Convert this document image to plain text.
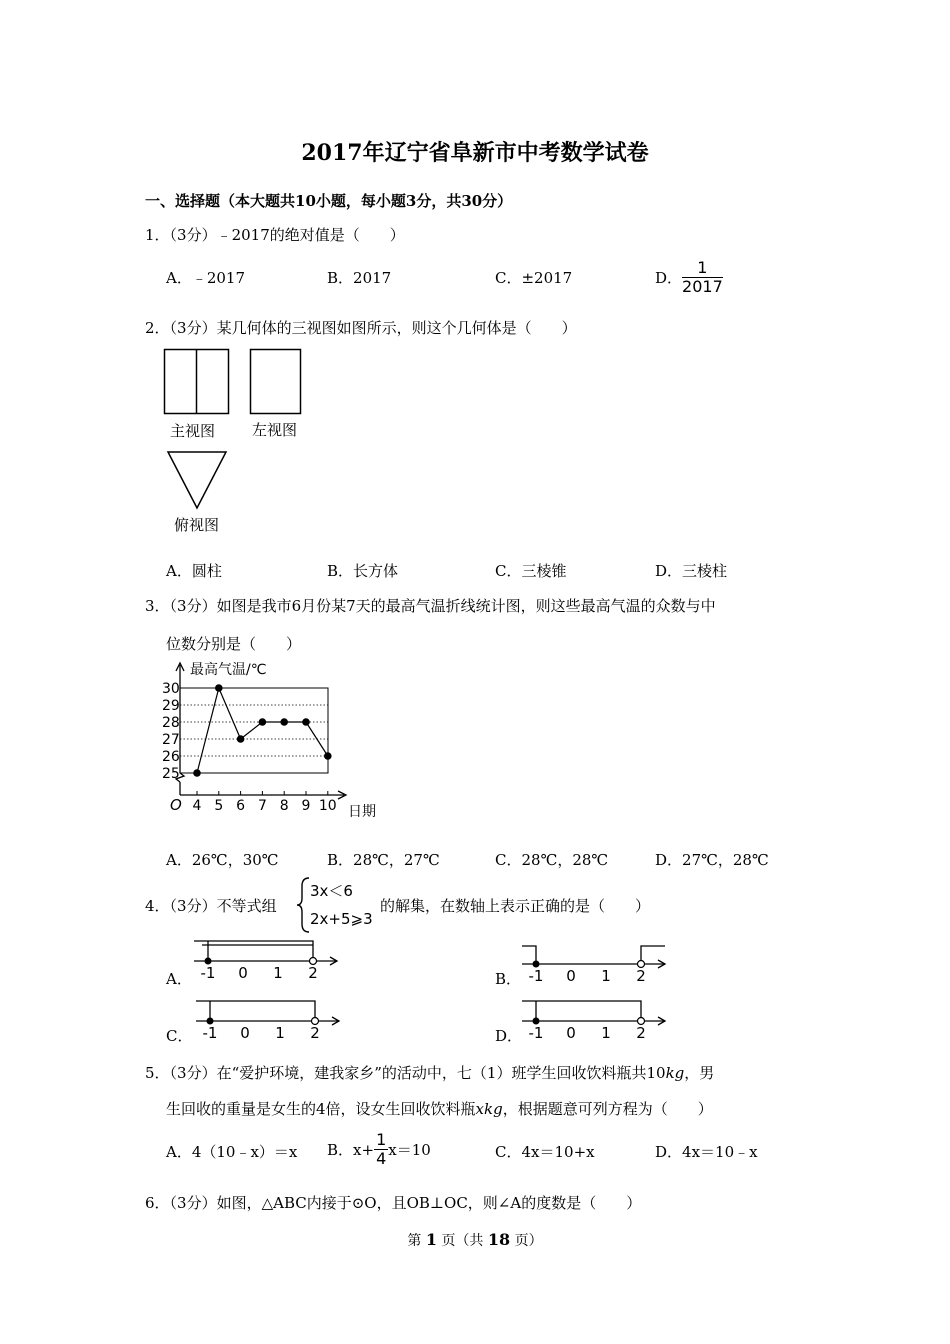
2017年辽宁省阜新市中考数学试卷
一、选择题（本大题共10小题，每小题3分，共30分）
1．（3分）﹣2017的绝对值是（　　）
A．﹣2017	B．2017	C．±2017	D． $\frac{1}{2017}$
2．（3分）某几何体的三视图如图所示，则这个几何体是（　　）
主视图 左视图
俯视图
A．圆柱	B．长方体	C．三棱锥	D．三棱柱
3．（3分）如图是我市6月份某7天的最高气温折线统计图，则这些最高气温的众数与中
位数分别是（　　）
最高气温/℃
O	日期
25
26
27
28
29
30
4 5 6 7 8 9 10
A．26℃，30℃	B．28℃，27℃	C．28℃，28℃	D．27℃，28℃
4．（3分）不等式组
3x＜6
2x+5⩾3
的解集，在数轴上表示正确的是（　　）
A．	B．
C．	D．
-1 0 1 2	-1 0 1 2
-1 0 1 2	-1 0 1 2
5．（3分）在“爱护环境，建我家乡”的活动中，七（1）班学生回收饮料瓶共10kg，男
生回收的重量是女生的4倍，设女生回收饮料瓶xkg，根据题意可列方程为（　　）
A．4（10﹣x）＝x B．$x+ \frac{1}{4} x=10$	C．4x＝10+x	D．4x＝10﹣x
6．（3分）如图，△ABC内接于⊙O，且OB⊥OC，则∠A的度数是（　　）
第 1 页（共 18 页）
